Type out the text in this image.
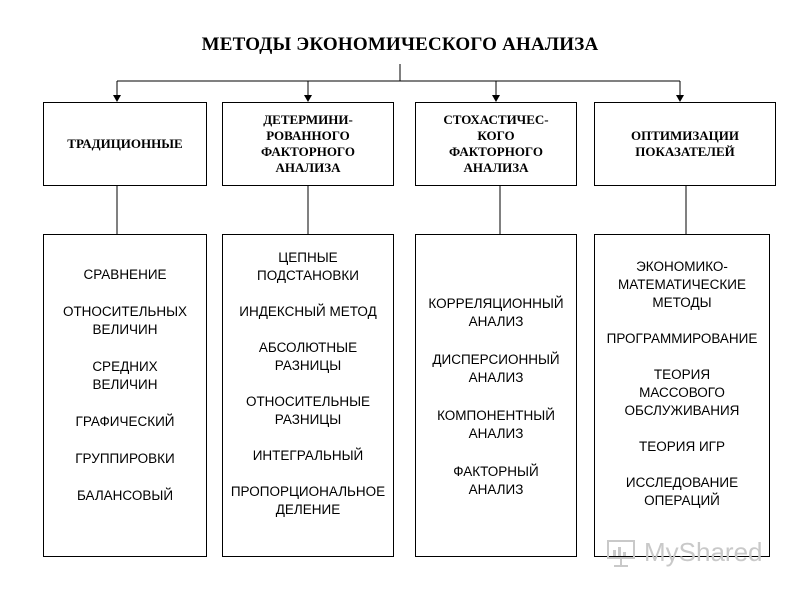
МЕТОДЫ ЭКОНОМИЧЕСКОГО АНАЛИЗА
ТРАДИЦИОННЫЕ
ДЕТЕРМИНИ-
РОВАННОГО
ФАКТОРНОГО
АНАЛИЗА
СТОХАСТИЧЕС-
КОГО
ФАКТОРНОГО
АНАЛИЗА
ОПТИМИЗАЦИИ
ПОКАЗАТЕЛЕЙ
СРАВНЕНИЕ
ОТНОСИТЕЛЬНЫХ
ВЕЛИЧИН
СРЕДНИХ
ВЕЛИЧИН
ГРАФИЧЕСКИЙ
ГРУППИРОВКИ
БАЛАНСОВЫЙ
ЦЕПНЫЕ
ПОДСТАНОВКИ
ИНДЕКСНЫЙ МЕТОД
АБСОЛЮТНЫЕ
РАЗНИЦЫ
ОТНОСИТЕЛЬНЫЕ
РАЗНИЦЫ
ИНТЕГРАЛЬНЫЙ
ПРОПОРЦИОНАЛЬНОЕ
ДЕЛЕНИЕ
КОРРЕЛЯЦИОННЫЙ
АНАЛИЗ
ДИСПЕРСИОННЫЙ
АНАЛИЗ
КОМПОНЕНТНЫЙ
АНАЛИЗ
ФАКТОРНЫЙ
АНАЛИЗ
ЭКОНОМИКО-
МАТЕМАТИЧЕСКИЕ
МЕТОДЫ
ПРОГРАММИРОВАНИЕ
ТЕОРИЯ
МАССОВОГО
ОБСЛУЖИВАНИЯ
ТЕОРИЯ ИГР
ИССЛЕДОВАНИЕ
ОПЕРАЦИЙ
MyShared
